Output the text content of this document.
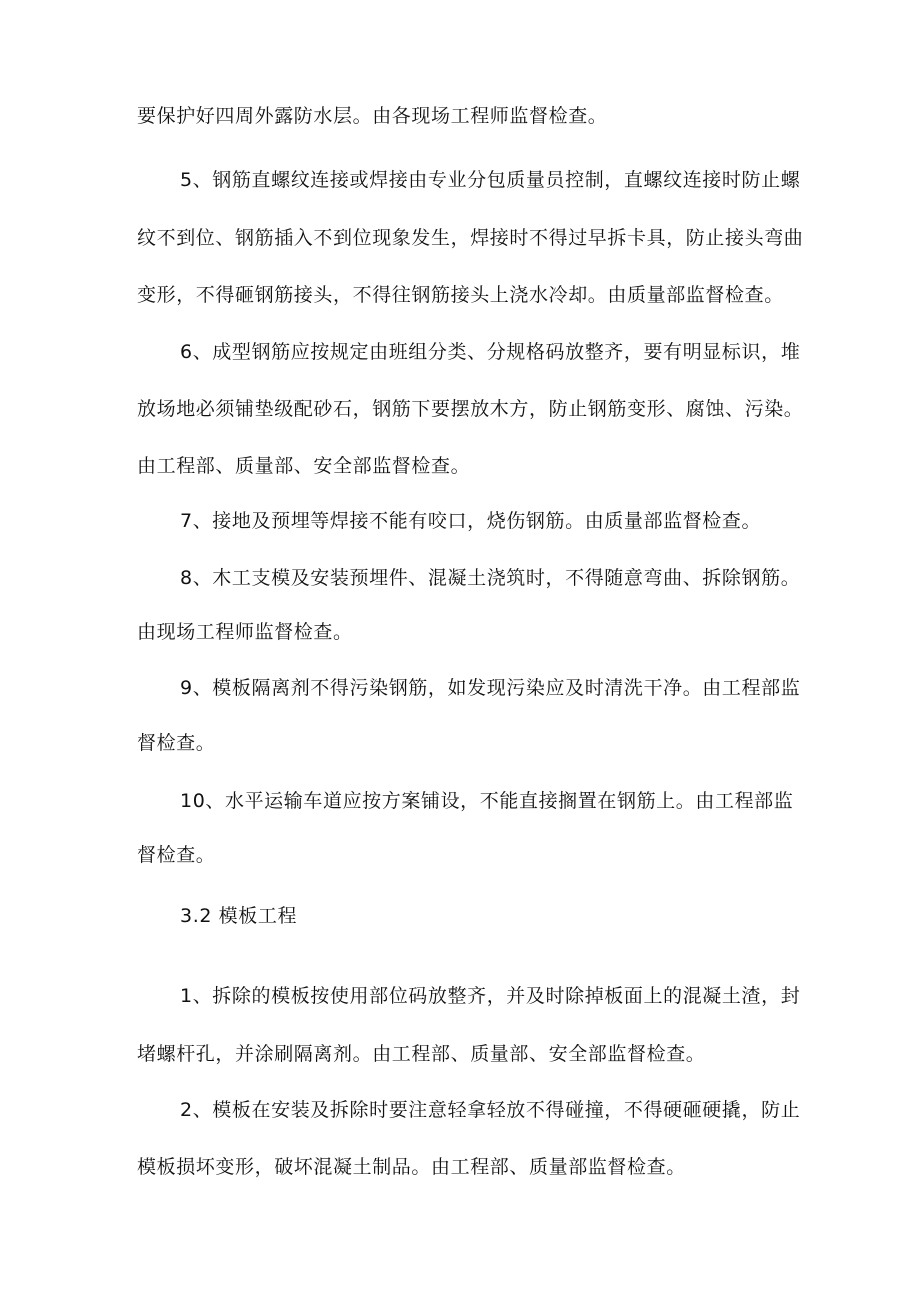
要保护好四周外露防水层。由各现场工程师监督检查。
5、钢筋直螺纹连接或焊接由专业分包质量员控制，直螺纹连接时防止螺
纹不到位、钢筋插入不到位现象发生，焊接时不得过早拆卡具，防止接头弯曲
变形，不得砸钢筋接头，不得往钢筋接头上浇水冷却。由质量部监督检查。
6、成型钢筋应按规定由班组分类、分规格码放整齐，要有明显标识，堆
放场地必须铺垫级配砂石，钢筋下要摆放木方，防止钢筋变形、腐蚀、污染。
由工程部、质量部、安全部监督检查。
7、接地及预埋等焊接不能有咬口，烧伤钢筋。由质量部监督检查。
8、木工支模及安装预埋件、混凝土浇筑时，不得随意弯曲、拆除钢筋。
由现场工程师监督检查。
9、模板隔离剂不得污染钢筋，如发现污染应及时清洗干净。由工程部监
督检查。
10、水平运输车道应按方案铺设，不能直接搁置在钢筋上。由工程部监
督检查。
3.2 模板工程
1、拆除的模板按使用部位码放整齐，并及时除掉板面上的混凝土渣，封
堵螺杆孔，并涂刷隔离剂。由工程部、质量部、安全部监督检查。
2、模板在安装及拆除时要注意轻拿轻放不得碰撞，不得硬砸硬撬，防止
模板损坏变形，破坏混凝土制品。由工程部、质量部监督检查。
